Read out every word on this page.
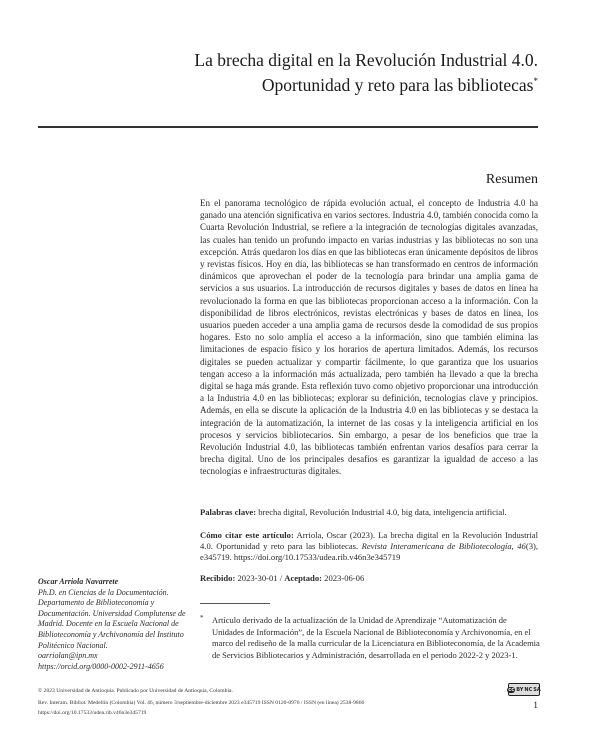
La brecha digital en la Revolución Industrial 4.0.
Oportunidad y reto para las bibliotecas*
Resumen
En el panorama tecnológico de rápida evolución actual, el concepto de Industria 4.0 ha ganado una atención significativa en varios sectores. Industria 4.0, también conocida como la Cuarta Revolución Industrial, se refiere a la integración de tecnologías digitales avanzadas, las cuales han tenido un profundo impacto en varias industrias y las bibliotecas no son una excepción. Atrás quedaron los días en que las bibliotecas eran únicamente depósitos de libros y revistas físicos. Hoy en día, las bibliotecas se han transformado en centros de información dinámicos que aprovechan el poder de la tecnología para brindar una amplia gama de servicios a sus usuarios. La introducción de recursos digitales y bases de datos en línea ha revolucionado la forma en que las bibliotecas proporcionan acceso a la información. Con la disponibilidad de libros electrónicos, revistas electrónicas y bases de datos en línea, los usuarios pueden acceder a una amplia gama de recursos desde la comodidad de sus propios hogares. Esto no solo amplía el acceso a la información, sino que también elimina las limitaciones de espacio físico y los horarios de apertura limitados. Además, los recursos digitales se pueden actualizar y compartir fácilmente, lo que garantiza que los usuarios tengan acceso a la información más actualizada, pero también ha llevado a que la brecha digital se haga más grande. Esta reflexión tuvo como objetivo proporcionar una introducción a la Industria 4.0 en las bibliotecas; explorar su definición, tecnologías clave y principios. Además, en ella se discute la aplicación de la Industria 4.0 en las bibliotecas y se destaca la integración de la automatización, la internet de las cosas y la inteligencia artificial en los procesos y servicios bibliotecarios. Sin embargo, a pesar de los beneficios que trae la Revolución Industrial 4.0, las bibliotecas también enfrentan varios desafíos para cerrar la brecha digital. Uno de los principales desafíos es garantizar la igualdad de acceso a las tecnologías e infraestructuras digitales.
Palabras clave: brecha digital, Revolución Industrial 4.0, big data, inteligencia artificial.
Cómo citar este artículo: Arriola, Oscar (2023). La brecha digital en la Revolución Industrial 4.0. Oportunidad y reto para las bibliotecas. Revista Interamericana de Bibliotecología, 46(3), e345719. https://doi.org/10.17533/udea.rib.v46n3e345719
Recibido: 2023-30-01 / Aceptado: 2023-06-06
* Artículo derivado de la actualización de la Unidad de Aprendizaje “Automatización de Unidades de Información”, de la Escuela Nacional de Biblioteconomía y Archivonomía, en el marco del rediseño de la malla curricular de la Licenciatura en Biblioteconomía, de la Academia de Servicios Bibliotecarios y Administración, desarrollada en el periodo 2022-2 y 2023-1.
Oscar Arriola Navarrete
Ph.D. en Ciencias de la Documentación. Departamento de Biblioteconomía y Documentación. Universidad Complutense de Madrid. Docente en la Escuela Nacional de Biblioteconomía y Archivonomía del Instituto Politécnico Nacional.
oarriolan@ipn.mx
https://orcid.org/0000-0002-2911-4656
© 2023 Universidad de Antioquia. Publicado por Universidad de Antioquia, Colombia.	cc BY NC SA
Rev. Interam. Bibliot. Medellín (Colombia) Vol. 46, número 3/septiembre-diciembre 2023 e345719 ISSN 0120-0976 / ISSN (en línea) 2538-9866
https://doi.org/10.17533/udea.rib.v46n3e345719
1
